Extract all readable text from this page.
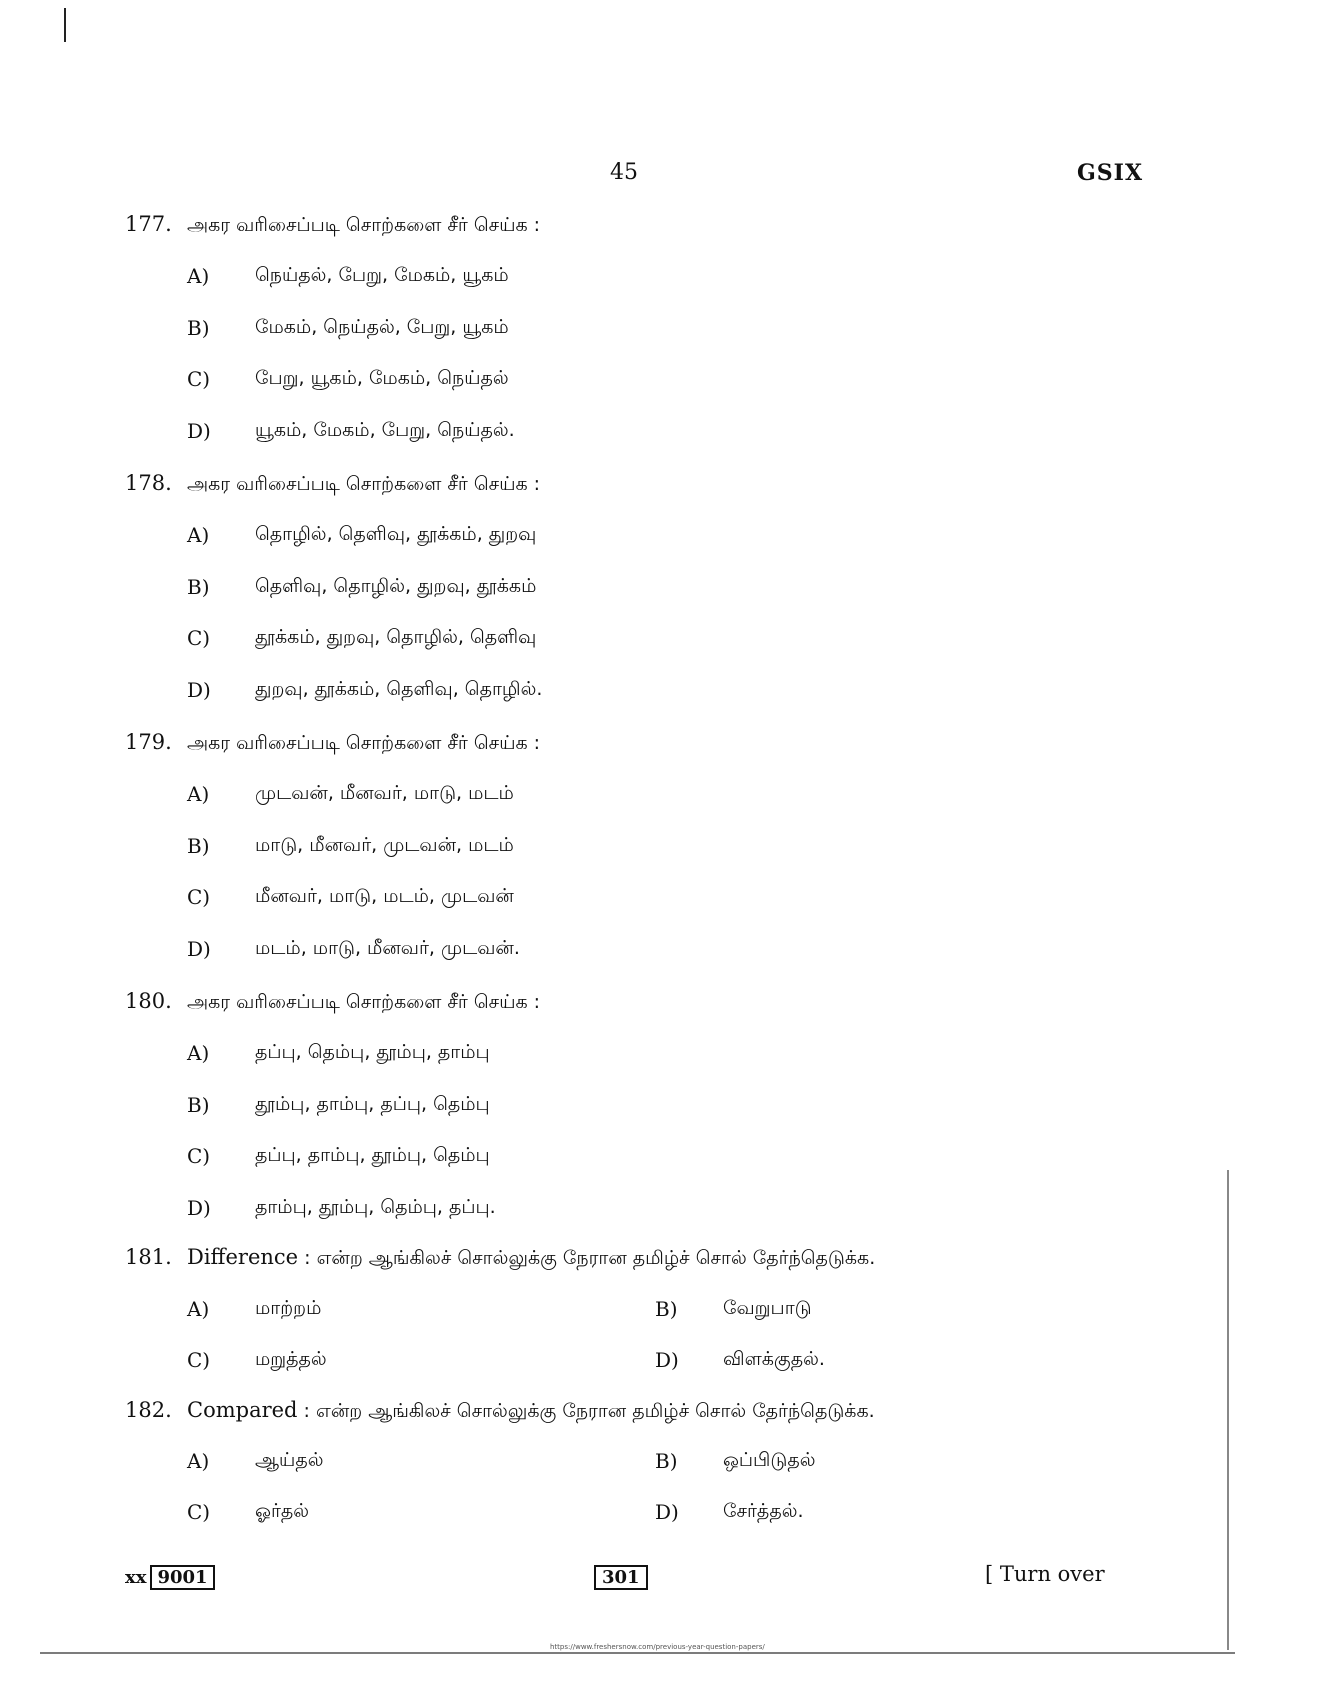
45	GSIX
177. அகர வரிசைப்படி சொற்களை சீர் செய்க :
A) நெய்தல், பேறு, மேகம், யூகம்
B) மேகம், நெய்தல், பேறு, யூகம்
C) பேறு, யூகம், மேகம், நெய்தல்
D) யூகம், மேகம், பேறு, நெய்தல்.
178. அகர வரிசைப்படி சொற்களை சீர் செய்க :
A) தொழில், தெளிவு, தூக்கம், துறவு
B) தெளிவு, தொழில், துறவு, தூக்கம்
C) தூக்கம், துறவு, தொழில், தெளிவு
D) துறவு, தூக்கம், தெளிவு, தொழில்.
179. அகர வரிசைப்படி சொற்களை சீர் செய்க :
A) முடவன், மீனவர், மாடு, மடம்
B) மாடு, மீனவர், முடவன், மடம்
C) மீனவர், மாடு, மடம், முடவன்
D) மடம், மாடு, மீனவர், முடவன்.
180. அகர வரிசைப்படி சொற்களை சீர் செய்க :
A) தப்பு, தெம்பு, தூம்பு, தாம்பு
B) தூம்பு, தாம்பு, தப்பு, தெம்பு
C) தப்பு, தாம்பு, தூம்பு, தெம்பு
D) தாம்பு, தூம்பு, தெம்பு, தப்பு.
181. Difference : என்ற ஆங்கிலச் சொல்லுக்கு நேரான தமிழ்ச் சொல் தேர்ந்தெடுக்க.
A) மாற்றம்	B) வேறுபாடு
C) மறுத்தல்	D) விளக்குதல்.
182. Compared : என்ற ஆங்கிலச் சொல்லுக்கு நேரான தமிழ்ச் சொல் தேர்ந்தெடுக்க.
A) ஆய்தல்	B) ஒப்பிடுதல்
C) ஓர்தல்	D) சேர்த்தல்.
xx 9001	301	[ Turn over
https://www.freshersnow.com/previous-year-question-papers/
